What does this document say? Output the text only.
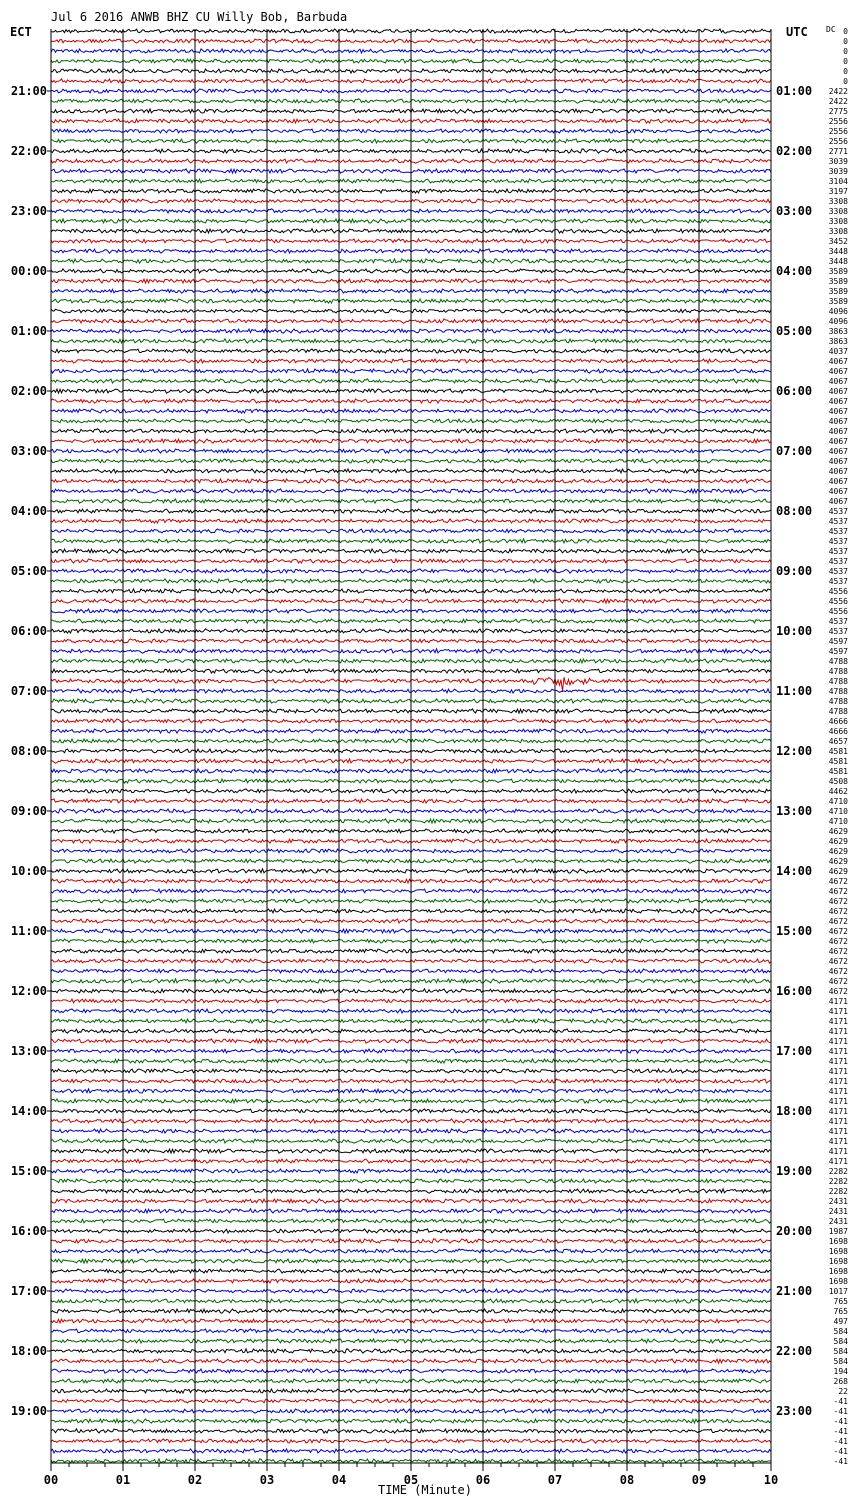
Jul 6 2016 ANWB BHZ CU Willy Bob, Barbuda
ECT	UTC DC 0
0
0
0
0
0
2422
2422
2775
2556
2556
2556
2771
3039
3039
3104
3197
3308
3308
3308
3308
3452
3448
3448
3589
3589
3589
3589
4096
4096
3863
3863
4037
4067
4067
4067
4067
4067
4067
4067
4067
4067
4067
4067
4067
4067
4067
4067
4537
4537
4537
4537
4537
4537
4537
4537
4556
4556
4556
4537
4537
4597
4597
4788
4788
4788
4788
4788
4788
4666
4666
4657
4581
4581
4581
4508
4462
4710
4710
4710
4629
4629
4629
4629
4629
4672
4672
4672
4672
4672
4672
4672
4672
4672
4672
4672
4672
4171
4171
4171
4171
4171
4171
4171
4171
4171
4171
4171
4171
4171
4171
4171
4171
4171
2282
2282
2282
2431
2431
2431
1987
1698
1698
1698
1698
1698
1017
765
765
497
584
584
584
584
194
268
22
-41
-41
-41
-41
-41
-41
-41
00	01	02	03	04	05	06	07	08	09	10
21:00
22:00
23:00
00:00
01:00
02:00
03:00
04:00
05:00
06:00
07:00
08:00
09:00
10:00
11:00
12:00
13:00
14:00
15:00
16:00
17:00
18:00
19:00
01:00
02:00
03:00
04:00
05:00
06:00
07:00
08:00
09:00
10:00
11:00
12:00
13:00
14:00
15:00
16:00
17:00
18:00
19:00
20:00
21:00
22:00
23:00
TIME (Minute)
